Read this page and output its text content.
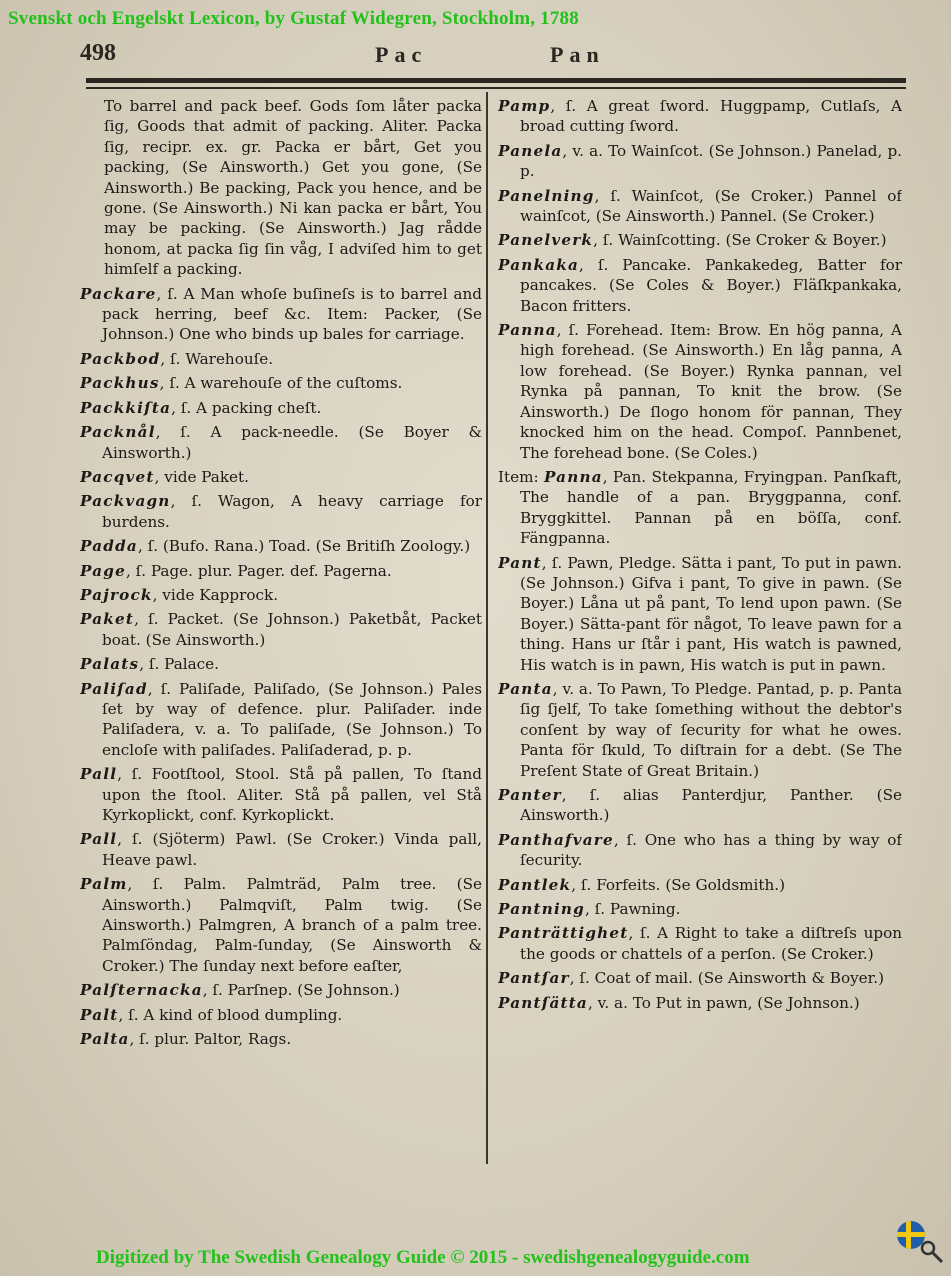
Svenskt och Engelskt Lexicon, by Gustaf Widegren, Stockholm, 1788
498	Pac	Pan

To barrel and pack beef. Gods ſom låter packa ſig, Goods that admit of packing. Aliter. Packa ſig, recipr. ex. gr. Packa er bårt, Get you packing, (Se Ainsworth.) Get you gone, (Se Ainsworth.) Be packing, Pack you hence, and be gone. (Se Ainsworth.) Ni kan packa er bårt, You may be packing. (Se Ainsworth.) Jag rådde honom, at packa ſig ſin våg, I adviſed him to get himſelf a packing.

Packare, ſ. A Man whoſe buſineſs is to barrel and pack herring, beef &c. Item: Packer, (Se Johnson.) One who binds up bales for carriage.

Packbod, ſ. Warehouſe.

Packhus, ſ. A warehouſe of the cuſtoms.

Packkiſta, ſ. A packing cheſt.

Packnål, ſ. A pack-needle. (Se Boyer & Ainsworth.)

Pacqvet, vide Paket.

Packvagn, ſ. Wagon, A heavy carriage for burdens.

Padda, ſ. (Bufo. Rana.) Toad. (Se Britiſh Zoology.)

Page, ſ. Page. plur. Pager. def. Pagerna.

Pajrock, vide Kapprock.

Paket, ſ. Packet. (Se Johnson.) Paketbåt, Packet boat. (Se Ainsworth.)

Palats, ſ. Palace.

Paliſad, ſ. Paliſade, Paliſado, (Se Johnson.) Pales ſet by way of defence. plur. Paliſader. inde Paliſadera, v. a. To paliſade, (Se Johnson.) To encloſe with paliſades. Paliſaderad, p. p.

Pall, ſ. Footſtool, Stool. Stå på pallen, To ſtand upon the ſtool. Aliter. Stå på pallen, vel Stå Kyrkoplickt, conf. Kyrkoplickt.

Pall, ſ. (Sjöterm) Pawl. (Se Croker.) Vinda pall, Heave pawl.

Palm, ſ. Palm. Palmträd, Palm tree. (Se Ainsworth.) Palmqviſt, Palm twig. (Se Ainsworth.) Palmgren, A branch of a palm tree. Palmſöndag, Palm-ſunday, (Se Ainsworth & Croker.) The ſunday next before eaſter,

Palſternacka, ſ. Parſnep. (Se Johnson.)

Palt, ſ. A kind of blood dumpling.

Palta, ſ. plur. Paltor, Rags.

Pamp, ſ. A great ſword. Huggpamp, Cutlaſs, A broad cutting ſword.

Panela, v. a. To Wainſcot. (Se Johnson.) Panelad, p. p.

Panelning, ſ. Wainſcot, (Se Croker.) Pannel of wainſcot, (Se Ainsworth.) Pannel. (Se Croker.)

Panelverk, ſ. Wainſcotting. (Se Croker & Boyer.)

Pankaka, ſ. Pancake. Pankakedeg, Batter for pancakes. (Se Coles & Boyer.) Fläſkpankaka, Bacon fritters.

Panna, ſ. Forehead. Item: Brow. En hög panna, A high forehead. (Se Ainsworth.) En låg panna, A low forehead. (Se Boyer.) Rynka pannan, vel Rynka på pannan, To knit the brow. (Se Ainsworth.) De ſlogo honom för pannan, They knocked him on the head. Compoſ. Pannbenet, The forehead bone. (Se Coles.)

Item: Panna, Pan. Stekpanna, Fryingpan. Panſkaft, The handle of a pan. Bryggpanna, conf. Bryggkittel. Pannan på en böſſa, conf. Fängpanna.

Pant, ſ. Pawn, Pledge. Sätta i pant, To put in pawn. (Se Johnson.) Gifva i pant, To give in pawn. (Se Boyer.) Låna ut på pant, To lend upon pawn. (Se Boyer.) Sätta-pant för något, To leave pawn for a thing. Hans ur ſtår i pant, His watch is pawned, His watch is in pawn, His watch is put in pawn.

Panta, v. a. To Pawn, To Pledge. Pantad, p. p. Panta ſig ſjelf, To take ſomething without the debtor's conſent by way of ſecurity for what he owes. Panta för ſkuld, To diſtrain for a debt. (Se The Preſent State of Great Britain.)

Panter, ſ. alias Panterdjur, Panther. (Se Ainsworth.)

Panthafvare, ſ. One who has a thing by way of ſecurity.

Pantlek, ſ. Forfeits. (Se Goldsmith.)

Pantning, ſ. Pawning.

Panträttighet, ſ. A Right to take a diſtreſs upon the goods or chattels of a perſon. (Se Croker.)

Pantſar, ſ. Coat of mail. (Se Ainsworth & Boyer.)

Pantſätta, v. a. To Put in pawn, (Se Johnson.)

Digitized by The Swedish Genealogy Guide © 2015 - swedishgenealogyguide.com
